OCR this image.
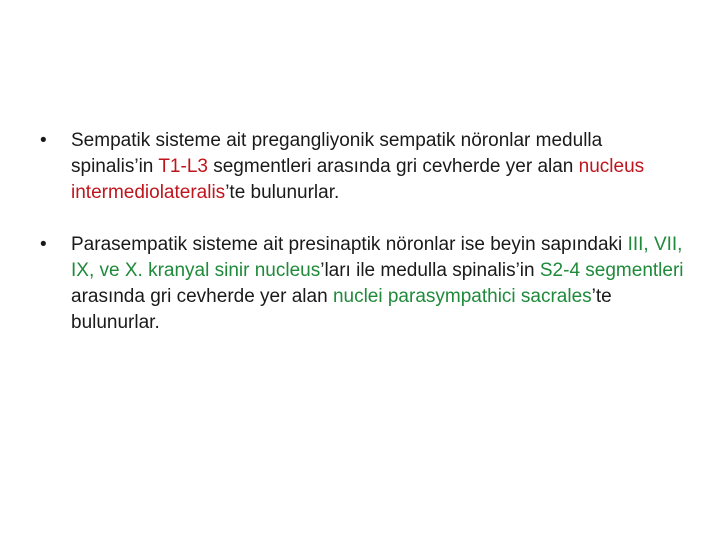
• Sempatik sisteme ait pregangliyonik sempatik nöronlar medulla spinalis’in T1-L3 segmentleri arasında gri cevherde yer alan nucleus intermediolateralis’te bulunurlar.
• Parasempatik sisteme ait presinaptik nöronlar ise beyin sapındaki III, VII, IX, ve X. kranyal sinir nucleus’ları ile medulla spinalis’in S2-4 segmentleri arasında gri cevherde yer alan nuclei parasympathici sacrales’te bulunurlar.
